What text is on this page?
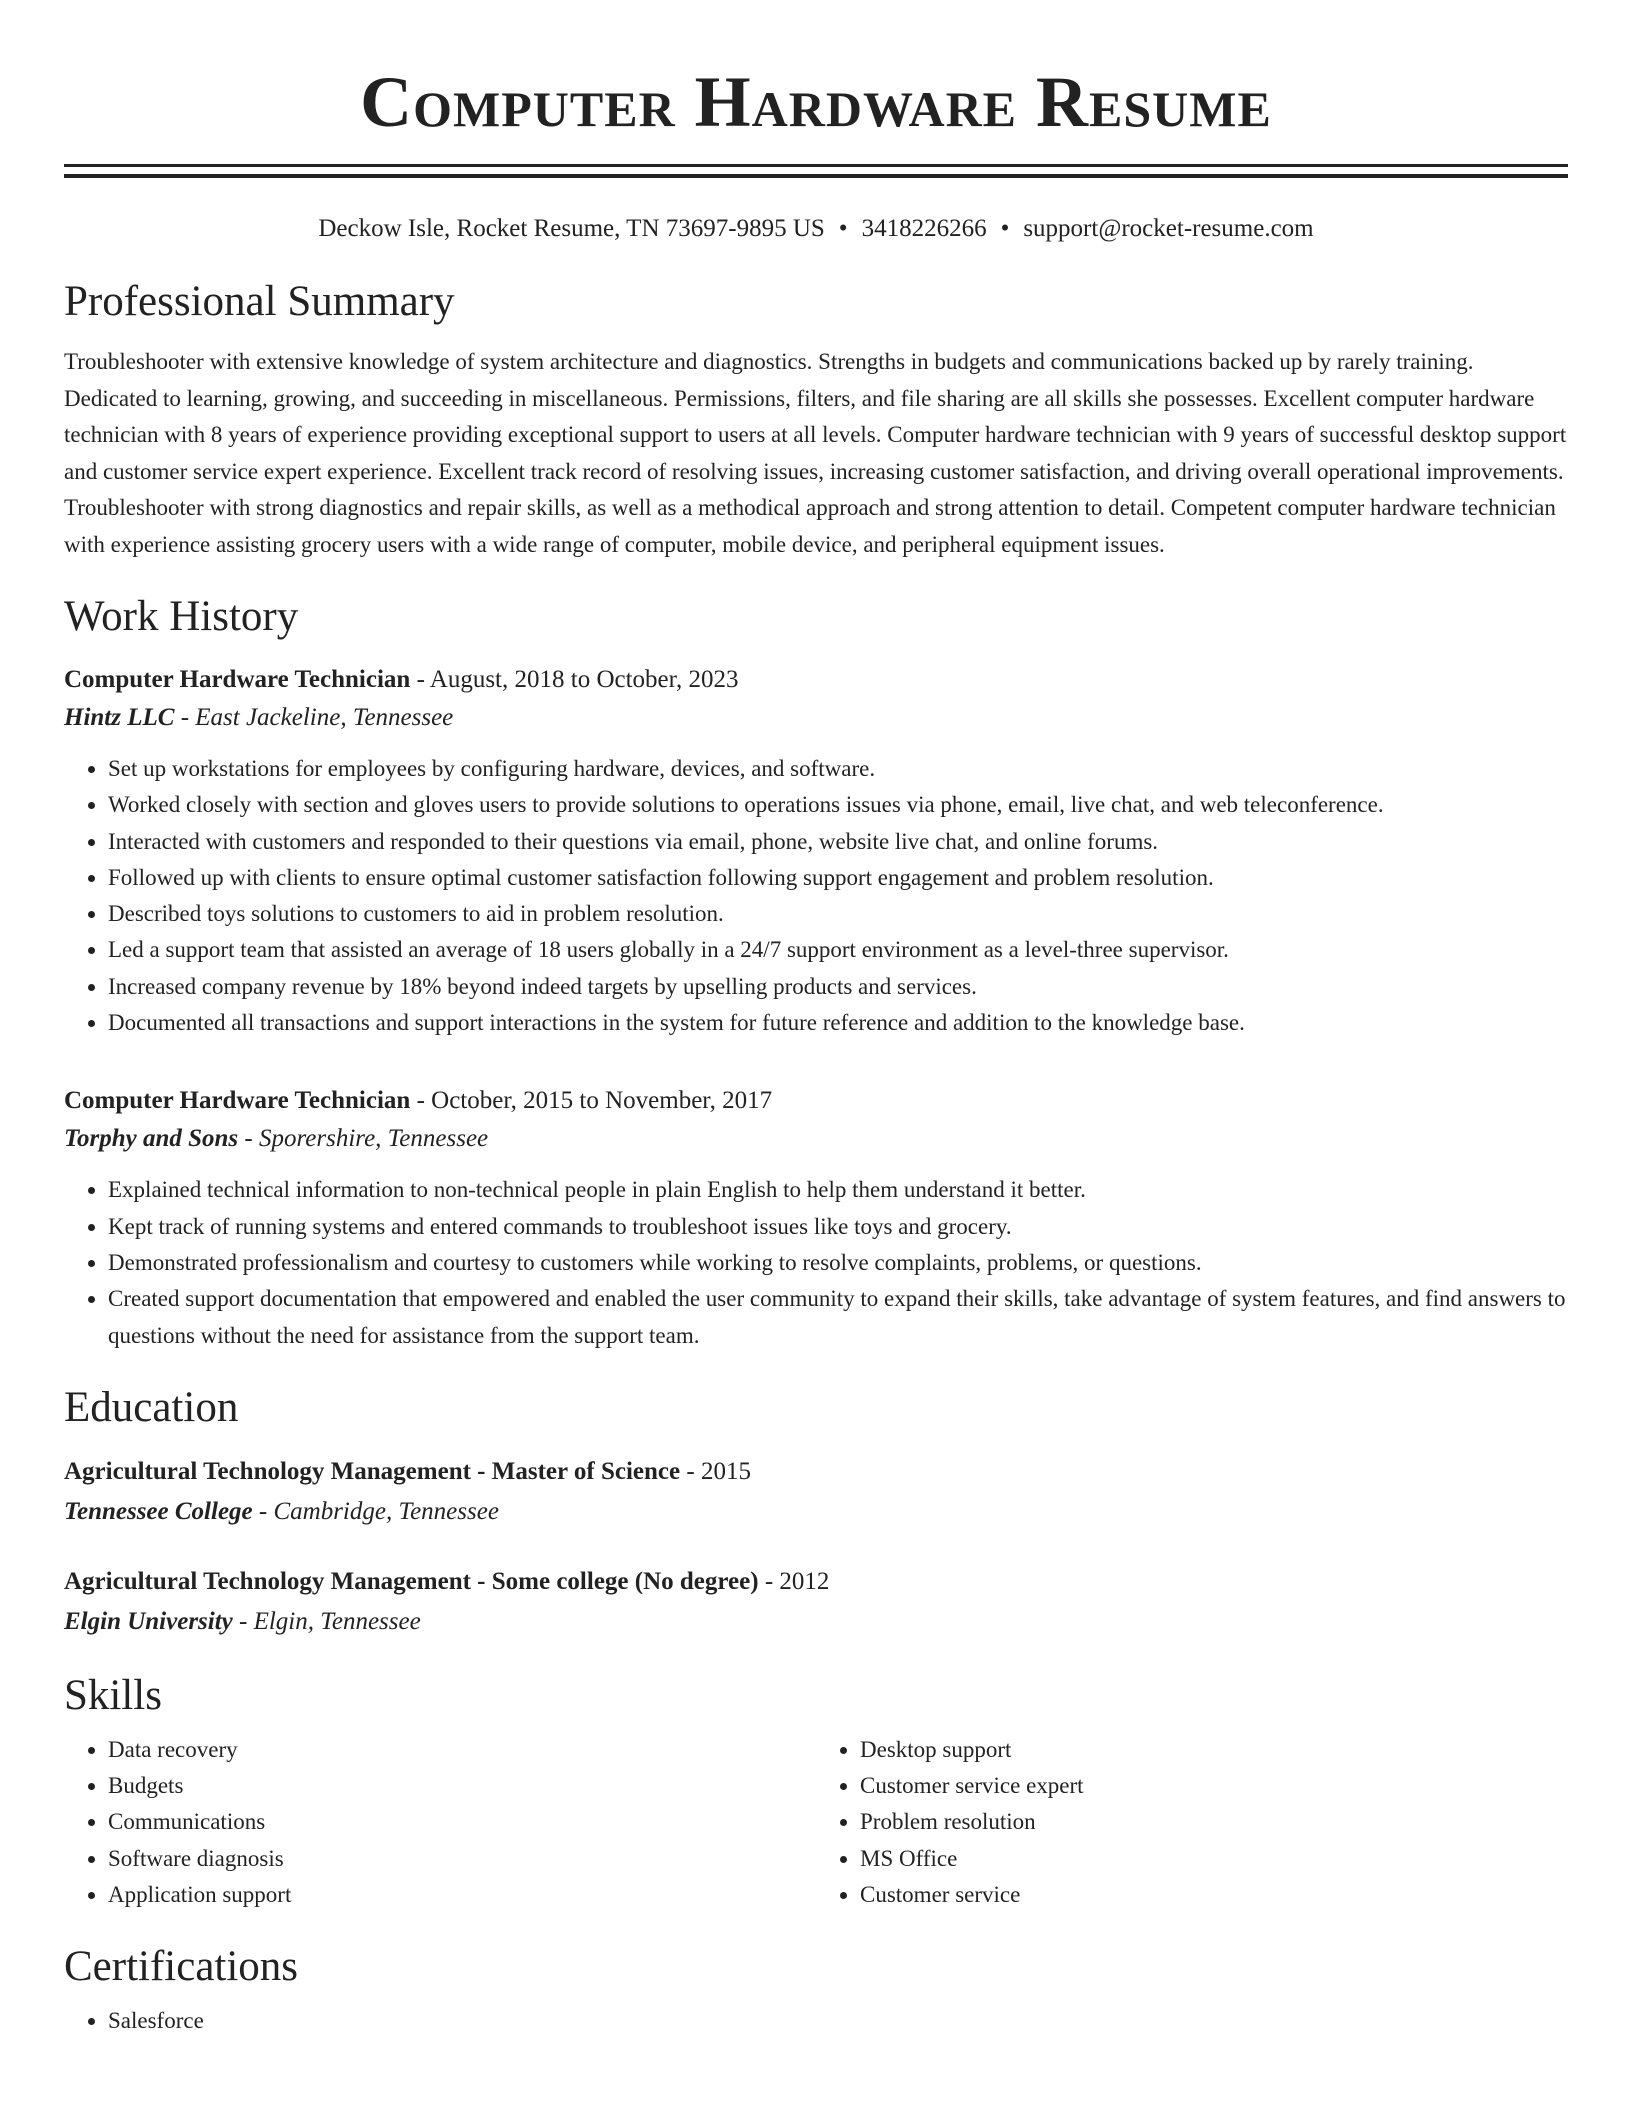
Computer Hardware Resume
Deckow Isle, Rocket Resume, TN 73697-9895 US • 3418226266 • support@rocket-resume.com
Professional Summary
Troubleshooter with extensive knowledge of system architecture and diagnostics. Strengths in budgets and communications backed up by rarely training. Dedicated to learning, growing, and succeeding in miscellaneous. Permissions, filters, and file sharing are all skills she possesses. Excellent computer hardware technician with 8 years of experience providing exceptional support to users at all levels. Computer hardware technician with 9 years of successful desktop support and customer service expert experience. Excellent track record of resolving issues, increasing customer satisfaction, and driving overall operational improvements. Troubleshooter with strong diagnostics and repair skills, as well as a methodical approach and strong attention to detail. Competent computer hardware technician with experience assisting grocery users with a wide range of computer, mobile device, and peripheral equipment issues.
Work History
Computer Hardware Technician - August, 2018 to October, 2023
Hintz LLC - East Jackeline, Tennessee
• Set up workstations for employees by configuring hardware, devices, and software.
• Worked closely with section and gloves users to provide solutions to operations issues via phone, email, live chat, and web teleconference.
• Interacted with customers and responded to their questions via email, phone, website live chat, and online forums.
• Followed up with clients to ensure optimal customer satisfaction following support engagement and problem resolution.
• Described toys solutions to customers to aid in problem resolution.
• Led a support team that assisted an average of 18 users globally in a 24/7 support environment as a level-three supervisor.
• Increased company revenue by 18% beyond indeed targets by upselling products and services.
• Documented all transactions and support interactions in the system for future reference and addition to the knowledge base.
Computer Hardware Technician - October, 2015 to November, 2017
Torphy and Sons - Sporershire, Tennessee
• Explained technical information to non-technical people in plain English to help them understand it better.
• Kept track of running systems and entered commands to troubleshoot issues like toys and grocery.
• Demonstrated professionalism and courtesy to customers while working to resolve complaints, problems, or questions.
• Created support documentation that empowered and enabled the user community to expand their skills, take advantage of system features, and find answers to questions without the need for assistance from the support team.
Education
Agricultural Technology Management - Master of Science - 2015
Tennessee College - Cambridge, Tennessee
Agricultural Technology Management - Some college (No degree) - 2012
Elgin University - Elgin, Tennessee
Skills
• Data recovery
• Budgets
• Communications
• Software diagnosis
• Application support
• Desktop support
• Customer service expert
• Problem resolution
• MS Office
• Customer service
Certifications
• Salesforce
